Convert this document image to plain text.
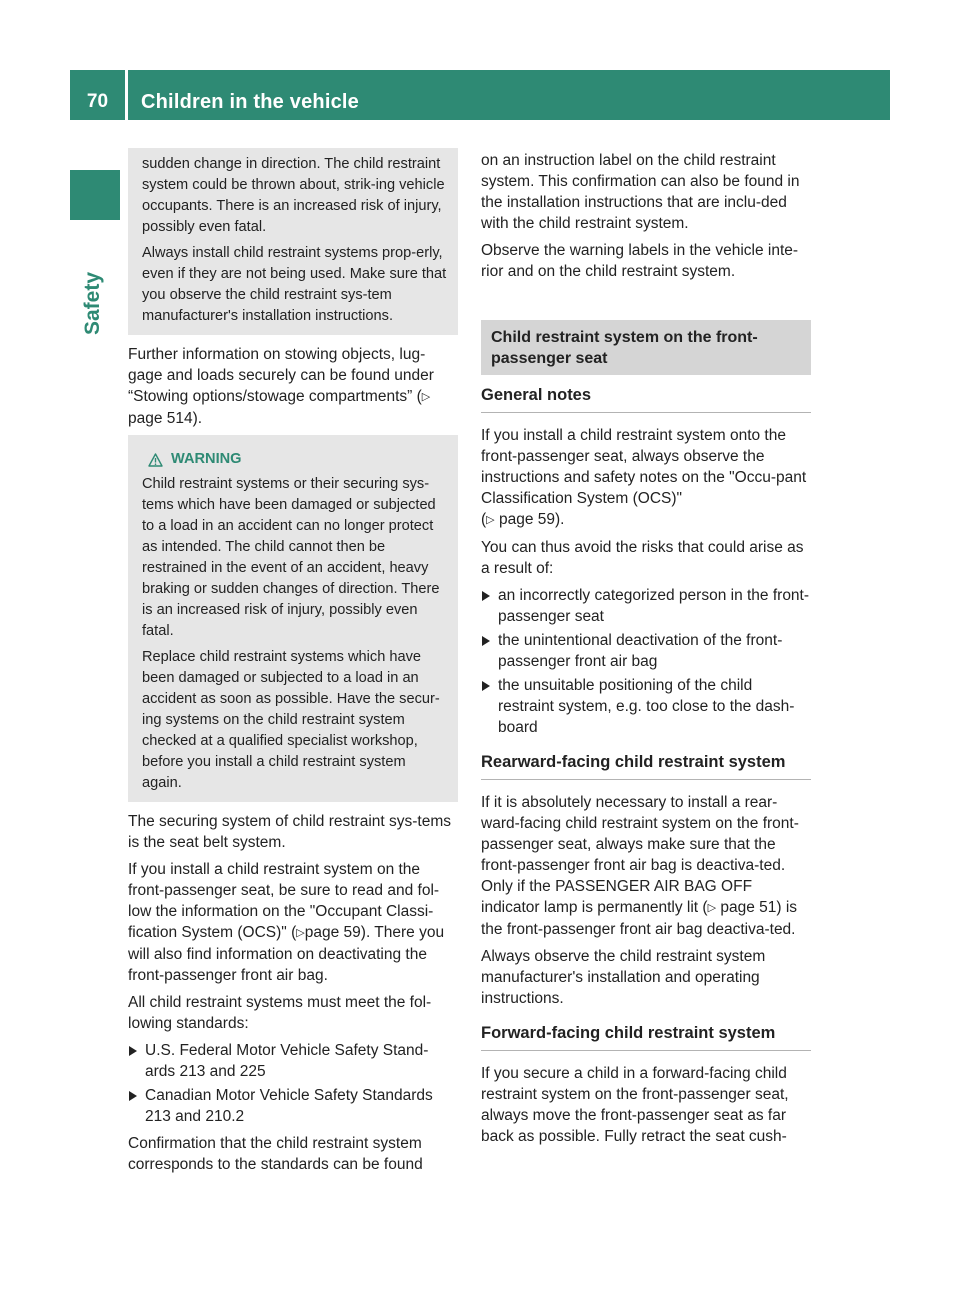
70	Children in the vehicle
Safety

sudden change in direction. The child restraint system could be thrown about, strik-ing vehicle occupants. There is an increased risk of injury, possibly even fatal.

Always install child restraint systems prop-erly, even if they are not being used. Make sure that you observe the child restraint sys-tem manufacturer's installation instructions.

Further information on stowing objects, lug-gage and loads securely can be found under “Stowing options/stowage compartments” (▷ page 514).

WARNING

Child restraint systems or their securing sys-tems which have been damaged or subjected to a load in an accident can no longer protect as intended. The child cannot then be restrained in the event of an accident, heavy braking or sudden changes of direction. There is an increased risk of injury, possibly even fatal.

Replace child restraint systems which have been damaged or subjected to a load in an accident as soon as possible. Have the secur-ing systems on the child restraint system checked at a qualified specialist workshop, before you install a child restraint system again.

The securing system of child restraint sys-tems is the seat belt system.

If you install a child restraint system on the front-passenger seat, be sure to read and fol-low the information on the "Occupant Classi-fication System (OCS)" (▷page 59). There you will also find information on deactivating the front-passenger front air bag.

All child restraint systems must meet the fol-lowing standards:

U.S. Federal Motor Vehicle Safety Stand-ards 213 and 225
Canadian Motor Vehicle Safety Standards 213 and 210.2

Confirmation that the child restraint system corresponds to the standards can be found

on an instruction label on the child restraint system. This confirmation can also be found in the installation instructions that are inclu-ded with the child restraint system.

Observe the warning labels in the vehicle inte-rior and on the child restraint system.

Child restraint system on the front-passenger seat
General notes

If you install a child restraint system onto the front-passenger seat, always observe the instructions and safety notes on the "Occu-pant Classification System (OCS)"
(▷ page 59).

You can thus avoid the risks that could arise as a result of:

an incorrectly categorized person in the front-passenger seat
the unintentional deactivation of the front-passenger front air bag
the unsuitable positioning of the child restraint system, e.g. too close to the dash-board
Rearward-facing child restraint system

If it is absolutely necessary to install a rear-ward-facing child restraint system on the front-passenger seat, always make sure that the front-passenger front air bag is deactiva-ted. Only if the PASSENGER AIR BAG OFF indicator lamp is permanently lit (▷ page 51) is the front-passenger front air bag deactiva-ted.

Always observe the child restraint system manufacturer's installation and operating instructions.

Forward-facing child restraint system

If you secure a child in a forward-facing child restraint system on the front-passenger seat, always move the front-passenger seat as far back as possible. Fully retract the seat cush-
